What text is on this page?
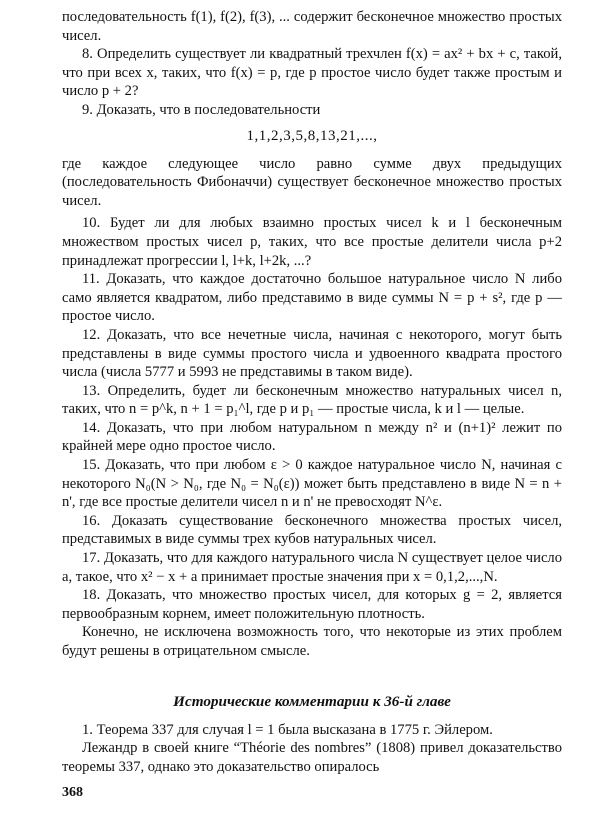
последовательность f(1), f(2), f(3), ... содержит бесконечное множество простых чисел.

8. Определить существует ли квадратный трехчлен f(x) = ax² + bx + c, такой, что при всех x, таких, что f(x) = p, где p простое число будет также простым и число p + 2?

9. Доказать, что в последовательности

1,1,2,3,5,8,13,21,...,

где каждое следующее число равно сумме двух предыдущих (последовательность Фибоначчи) существует бесконечное множество простых чисел.

10. Будет ли для любых взаимно простых чисел k и l бесконечным множеством простых чисел p, таких, что все простые делители числа p+2 принадлежат прогрессии l, l+k, l+2k, ...?

11. Доказать, что каждое достаточно большое натуральное число N либо само является квадратом, либо представимо в виде суммы N = p + s², где p — простое число.

12. Доказать, что все нечетные числа, начиная с некоторого, могут быть представлены в виде суммы простого числа и удвоенного квадрата простого числа (числа 5777 и 5993 не представимы в таком виде).

13. Определить, будет ли бесконечным множество натуральных чисел n, таких, что n = p^k, n + 1 = p₁^l, где p и p₁ — простые числа, k и l — целые.

14. Доказать, что при любом натуральном n между n² и (n+1)² лежит по крайней мере одно простое число.

15. Доказать, что при любом ε > 0 каждое натуральное число N, начиная с некоторого N₀(N > N₀, где N₀ = N₀(ε)) может быть представлено в виде N = n + n', где все простые делители чисел n и n' не превосходят N^ε.

16. Доказать существование бесконечного множества простых чисел, представимых в виде суммы трех кубов натуральных чисел.

17. Доказать, что для каждого натурального числа N существует целое число a, такое, что x² − x + a принимает простые значения при x = 0,1,2,...,N.

18. Доказать, что множество простых чисел, для которых g = 2, является первообразным корнем, имеет положительную плотность.

Конечно, не исключена возможность того, что некоторые из этих проблем будут решены в отрицательном смысле.

Исторические комментарии к 36-й главе

1. Теорема 337 для случая l = 1 была высказана в 1775 г. Эйлером.

Лежандр в своей книге “Théorie des nombres” (1808) привел доказательство теоремы 337, однако это доказательство опиралось

368
